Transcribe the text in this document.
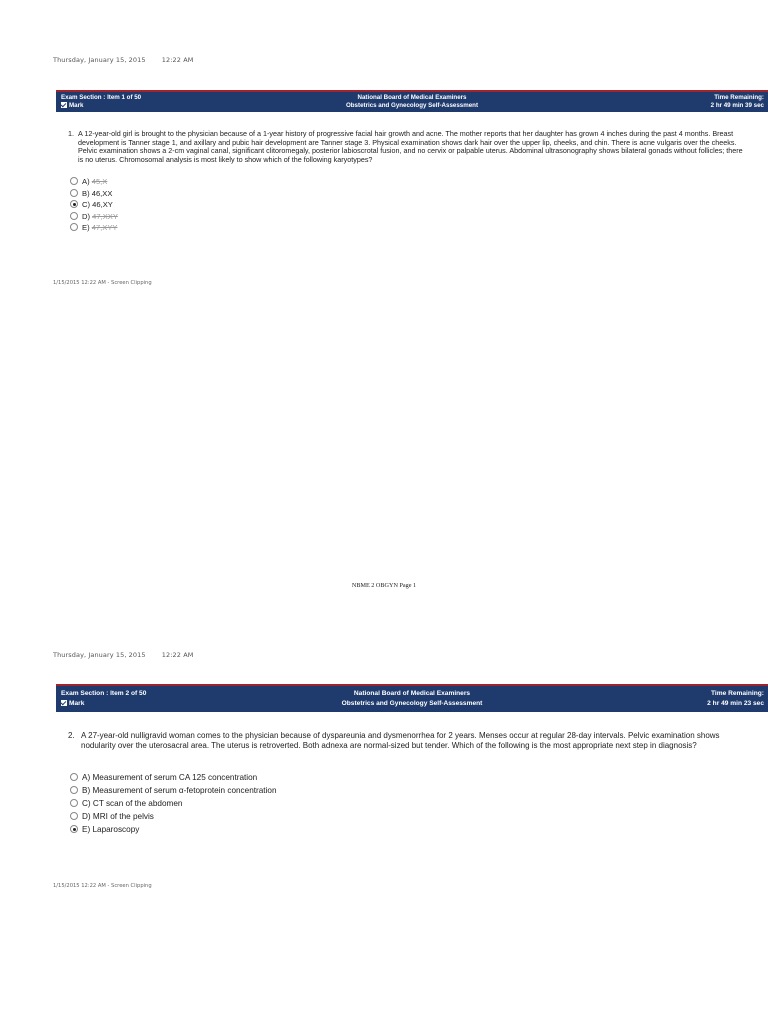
Thursday, January 15, 2015 12:22 AM
Exam Section : Item 1 of 50
Mark
National Board of Medical Examiners
Obstetrics and Gynecology Self-Assessment
Time Remaining:
2 hr 49 min 39 sec
1. A 12-year-old girl is brought to the physician because of a 1-year history of progressive facial hair growth and acne. The mother reports that her daughter has grown 4 inches during the past 4 months. Breast development is Tanner stage 1, and axillary and pubic hair development are Tanner stage 3. Physical examination shows dark hair over the upper lip, cheeks, and chin. There is acne vulgaris over the cheeks. Pelvic examination shows a 2-cm vaginal canal, significant clitoromegaly, posterior labioscrotal fusion, and no cervix or palpable uterus. Abdominal ultrasonography shows bilateral gonads without follicles; there is no uterus. Chromosomal analysis is most likely to show which of the following karyotypes?
A) 45,X
B) 46,XX
C) 46,XY
D) 47,XXY
E) 47,XYY
1/15/2015 12:22 AM - Screen Clipping
NBME 2 OBGYN Page 1
Thursday, January 15, 2015 12:22 AM
Exam Section : Item 2 of 50
Mark
National Board of Medical Examiners
Obstetrics and Gynecology Self-Assessment
Time Remaining:
2 hr 49 min 23 sec
2. A 27-year-old nulligravid woman comes to the physician because of dyspareunia and dysmenorrhea for 2 years. Menses occur at regular 28-day intervals. Pelvic examination shows nodularity over the uterosacral area. The uterus is retroverted. Both adnexa are normal-sized but tender. Which of the following is the most appropriate next step in diagnosis?
A) Measurement of serum CA 125 concentration
B) Measurement of serum α-fetoprotein concentration
C) CT scan of the abdomen
D) MRI of the pelvis
E) Laparoscopy
1/15/2015 12:22 AM - Screen Clipping
